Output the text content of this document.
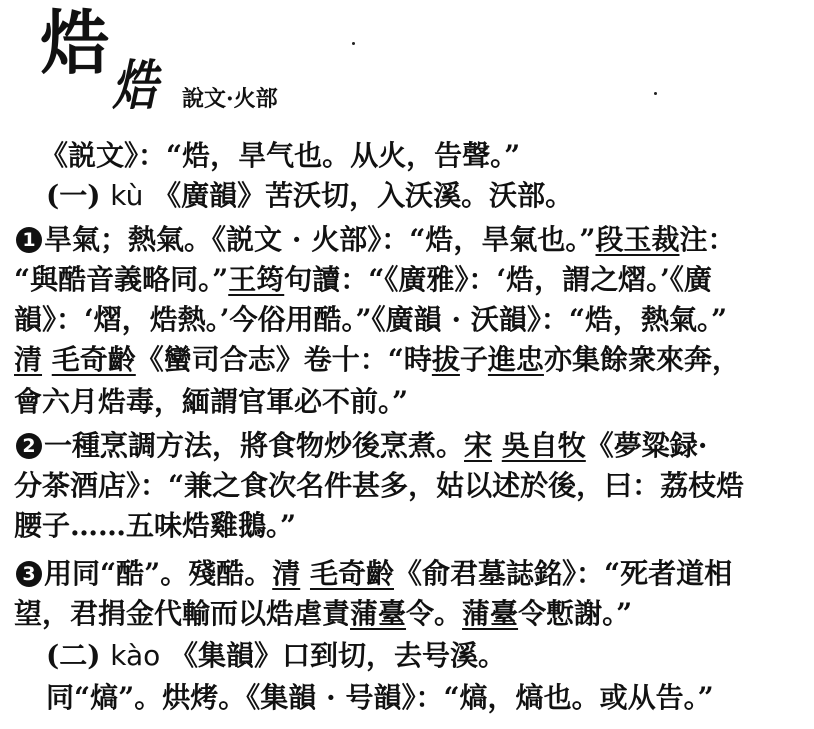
焅
焅 說文·火部
《説文》：“焅，旱气也。从火，告聲。”
(一) kù 《廣韻》苦沃切，入沃溪。沃部。
1 旱氣；熱氣。《説文 · 火部》：“焅，旱氣也。”段玉裁注：
“與酷音義略同。”王筠句讀：“《廣雅》：‘焅，謂之熠。’《廣
韻》：‘熠，焅熱。’今俗用酷。”《廣韻 · 沃韻》：“焅，熱氣。”
清 毛奇齡《蠻司合志》卷十：“時拔子進忠亦集餘衆來奔，
會六月焅毒，緬謂官軍必不前。”
2 一種烹調方法，將食物炒後烹煮。宋 吳自牧《夢粱録·
分茶酒店》：“兼之食次名件甚多，姑以述於後，曰：荔枝焅
腰子……五味焅雞鵝。”
3 用同“酷”。殘酷。清 毛奇齡《俞君墓誌銘》：“死者道相
望，君捐金代輸而以焅虐責蒲臺令。蒲臺令慙謝。”
(二) kào 《集韻》口到切，去号溪。
同“熇”。烘烤。《集韻 · 号韻》：“熇，熇也。或从告。”
